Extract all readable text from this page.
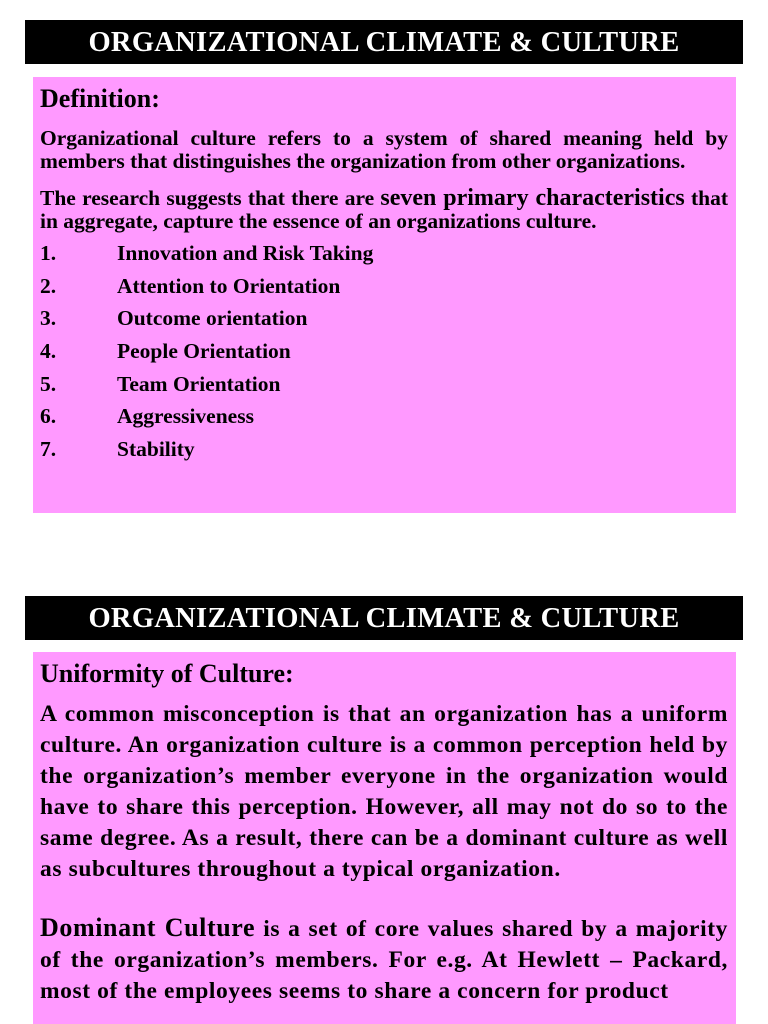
ORGANIZATIONAL CLIMATE & CULTURE

Definition:

Organizational culture refers to a system of shared meaning held by members that distinguishes the organization from other organizations.

The research suggests that there are seven primary characteristics that in aggregate, capture the essence of an organizations culture.

1.	Innovation and Risk Taking
2.	Attention to Orientation
3.	Outcome orientation
4.	People Orientation
5.	Team Orientation
6.	Aggressiveness
7.	Stability
ORGANIZATIONAL CLIMATE & CULTURE

Uniformity of Culture:

A common misconception is that an organization has a uniform culture. An organization culture is a common perception held by the organization’s member everyone in the organization would have to share this perception. However, all may not do so to the same degree. As a result, there can be a dominant culture as well as subcultures throughout a typical organization.

Dominant Culture is a set of core values shared by a majority of the organization’s members. For e.g. At Hewlett – Packard, most of the employees seems to share a concern for product
